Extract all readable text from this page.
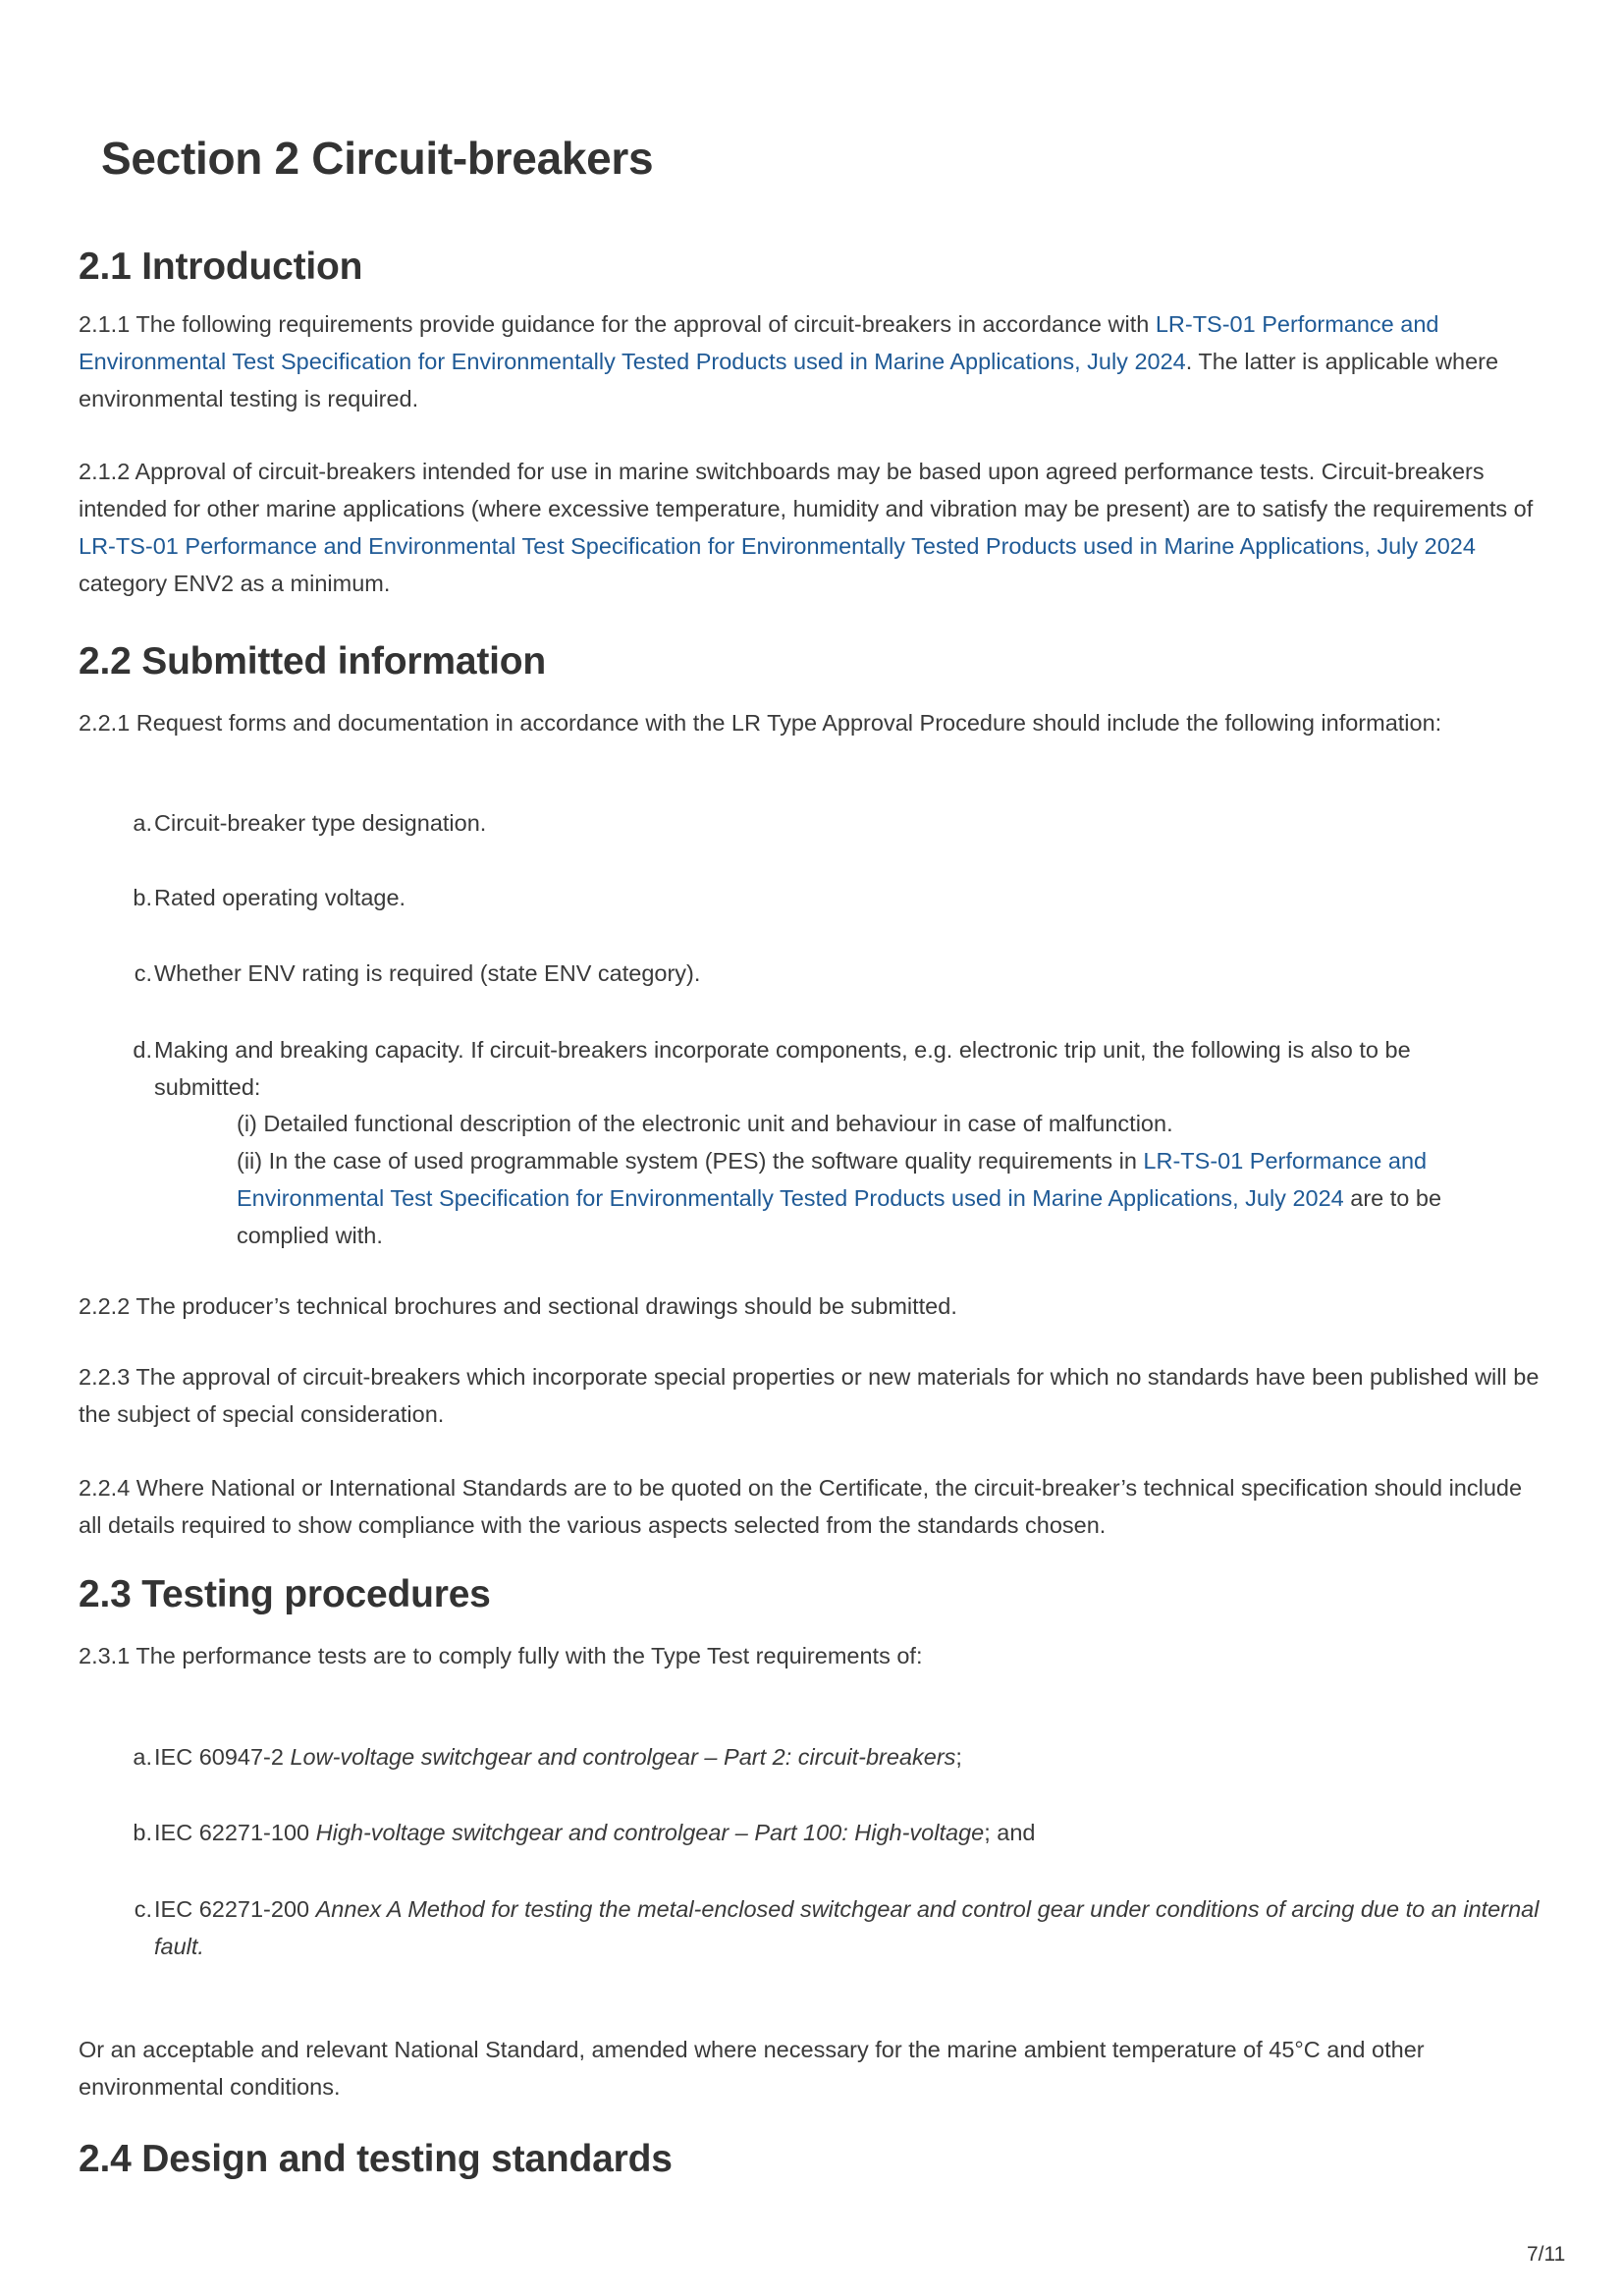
Section 2 Circuit-breakers
2.1 Introduction

2.1.1 The following requirements provide guidance for the approval of circuit-breakers in accordance with LR-TS-01 Performance and Environmental Test Specification for Environmentally Tested Products used in Marine Applications, July 2024. The latter is applicable where environmental testing is required.

2.1.2 Approval of circuit-breakers intended for use in marine switchboards may be based upon agreed performance tests. Circuit-breakers intended for other marine applications (where excessive temperature, humidity and vibration may be present) are to satisfy the requirements of LR-TS-01 Performance and Environmental Test Specification for Environmentally Tested Products used in Marine Applications, July 2024 category ENV2 as a minimum.

2.2 Submitted information

2.2.1 Request forms and documentation in accordance with the LR Type Approval Procedure should include the following information:

a. Circuit-breaker type designation.
b. Rated operating voltage.
c. Whether ENV rating is required (state ENV category).
d. Making and breaking capacity. If circuit-breakers incorporate components, e.g. electronic trip unit, the following is also to be submitted:
(i) Detailed functional description of the electronic unit and behaviour in case of malfunction.
(ii) In the case of used programmable system (PES) the software quality requirements in LR-TS-01 Performance and Environmental Test Specification for Environmentally Tested Products used in Marine Applications, July 2024 are to be complied with.

2.2.2 The producer’s technical brochures and sectional drawings should be submitted.

2.2.3 The approval of circuit-breakers which incorporate special properties or new materials for which no standards have been published will be the subject of special consideration.

2.2.4 Where National or International Standards are to be quoted on the Certificate, the circuit-breaker’s technical specification should include all details required to show compliance with the various aspects selected from the standards chosen.

2.3 Testing procedures

2.3.1 The performance tests are to comply fully with the Type Test requirements of:

a. IEC 60947-2 Low-voltage switchgear and controlgear – Part 2: circuit-breakers;
b. IEC 62271-100 High-voltage switchgear and controlgear – Part 100: High-voltage; and
c. IEC 62271-200 Annex A Method for testing the metal-enclosed switchgear and control gear under conditions of arcing due to an internal fault.

Or an acceptable and relevant National Standard, amended where necessary for the marine ambient temperature of 45°C and other environmental conditions.

2.4 Design and testing standards
7/11
